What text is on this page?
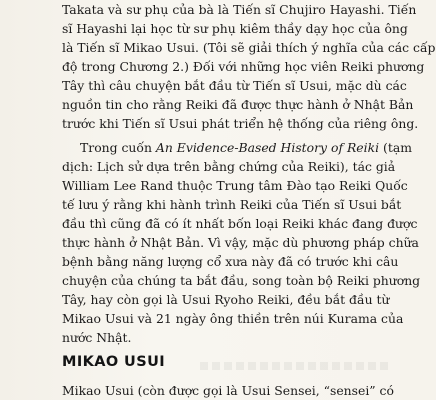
Takata và sư phụ của bà là Tiến sĩ Chujiro Hayashi. Tiến
sĩ Hayashi lại học từ sư phụ kiêm thầy dạy học của ông
là Tiến sĩ Mikao Usui. (Tôi sẽ giải thích ý nghĩa của các cấp
độ trong Chương 2.) Đối với những học viên Reiki phương
Tây thì câu chuyện bắt đầu từ Tiến sĩ Usui, mặc dù các
nguồn tin cho rằng Reiki đã được thực hành ở Nhật Bản
trước khi Tiến sĩ Usui phát triển hệ thống của riêng ông.
Trong cuốn An Evidence-Based History of Reiki (tạm
dịch: Lịch sử dựa trên bằng chứng của Reiki), tác giả
William Lee Rand thuộc Trung tâm Đào tạo Reiki Quốc
tế lưu ý rằng khi hành trình Reiki của Tiến sĩ Usui bắt
đầu thì cũng đã có ít nhất bốn loại Reiki khác đang được
thực hành ở Nhật Bản. Vì vậy, mặc dù phương pháp chữa
bệnh bằng năng lượng cổ xưa này đã có trước khi câu
chuyện của chúng ta bắt đầu, song toàn bộ Reiki phương
Tây, hay còn gọi là Usui Ryoho Reiki, đều bắt đầu từ
Mikao Usui và 21 ngày ông thiền trên núi Kurama của
nước Nhật.
MIKAO USUI
Mikao Usui (còn được gọi là Usui Sensei, “sensei” có
